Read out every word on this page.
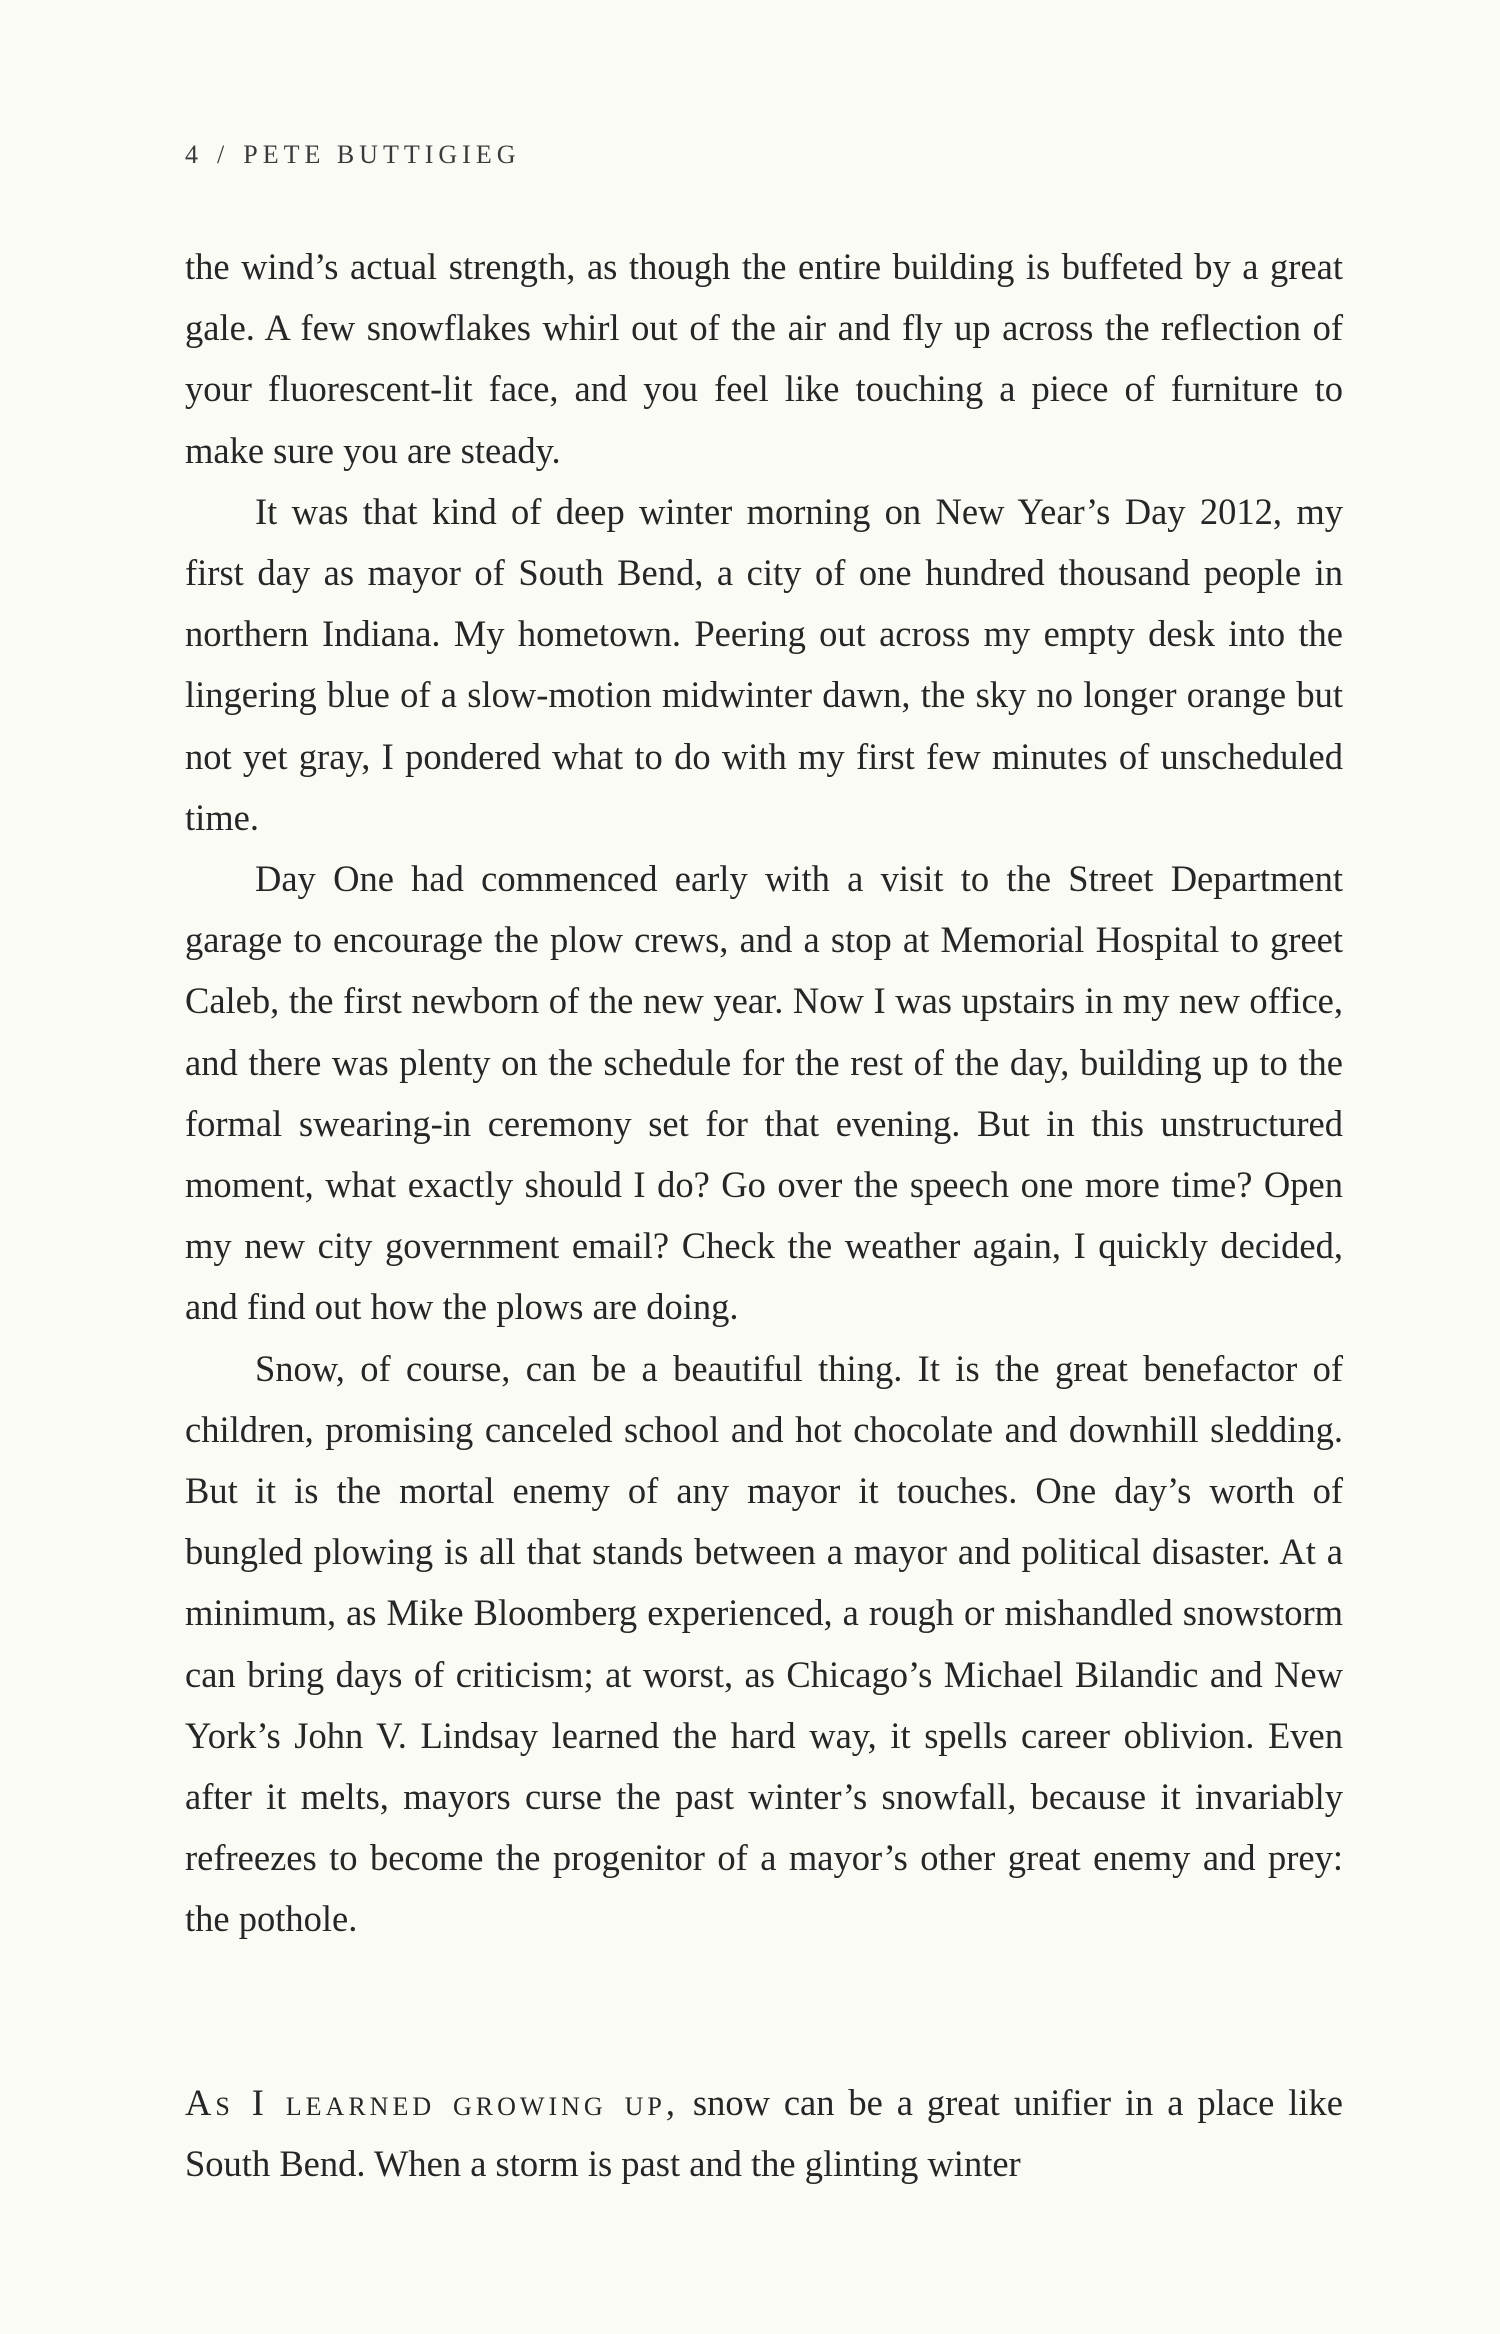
4 / PETE BUTTIGIEG

the wind’s actual strength, as though the entire building is buffeted by a great gale. A few snowflakes whirl out of the air and fly up across the reflection of your fluorescent-lit face, and you feel like touching a piece of furniture to make sure you are steady.

It was that kind of deep winter morning on New Year’s Day 2012, my first day as mayor of South Bend, a city of one hundred thousand people in northern Indiana. My hometown. Peering out across my empty desk into the lingering blue of a slow-motion midwinter dawn, the sky no longer orange but not yet gray, I pondered what to do with my first few minutes of unscheduled time.

Day One had commenced early with a visit to the Street Department garage to encourage the plow crews, and a stop at Memorial Hospital to greet Caleb, the first newborn of the new year. Now I was upstairs in my new office, and there was plenty on the schedule for the rest of the day, building up to the formal swearing-in ceremony set for that evening. But in this unstructured moment, what exactly should I do? Go over the speech one more time? Open my new city government email? Check the weather again, I quickly decided, and find out how the plows are doing.

Snow, of course, can be a beautiful thing. It is the great benefactor of children, promising canceled school and hot chocolate and downhill sledding. But it is the mortal enemy of any mayor it touches. One day’s worth of bungled plowing is all that stands between a mayor and political disaster. At a minimum, as Mike Bloomberg experienced, a rough or mishandled snowstorm can bring days of criticism; at worst, as Chicago’s Michael Bilandic and New York’s John V. Lindsay learned the hard way, it spells career oblivion. Even after it melts, mayors curse the past winter’s snowfall, because it invariably refreezes to become the progenitor of a mayor’s other great enemy and prey: the pothole.

As I learned growing up, snow can be a great unifier in a place like South Bend. When a storm is past and the glinting winter
